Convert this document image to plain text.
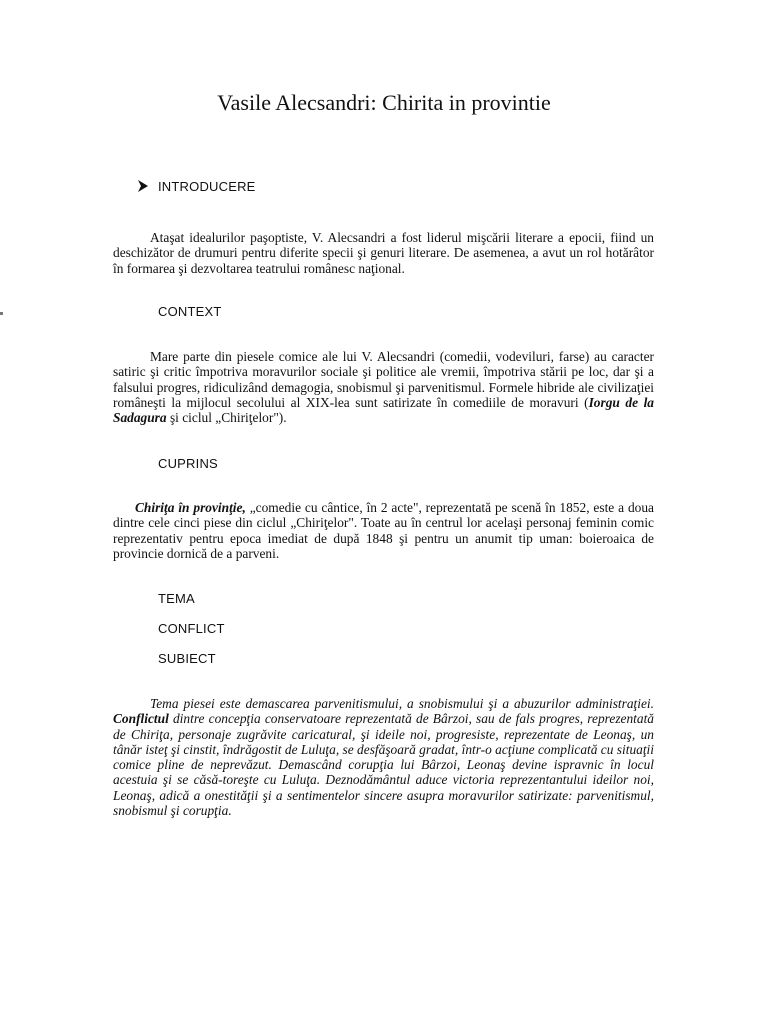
Vasile Alecsandri: Chirita in provintie
INTRODUCERE

Ataşat idealurilor paşoptiste, V. Alecsandri a fost liderul mişcării literare a epocii, fiind un deschizător de drumuri pentru diferite specii şi genuri literare. De asemenea, a avut un rol hotărâtor în formarea şi dezvoltarea teatrului românesc naţional.

CONTEXT

Mare parte din piesele comice ale lui V. Alecsandri (comedii, vodeviluri, farse) au caracter satiric şi critic împotriva moravurilor sociale şi politice ale vremii, împotriva stării pe loc, dar şi a falsului progres, ridiculizând demagogia, snobismul şi parvenitismul. Formele hibride ale civilizaţiei româneşti la mijlocul secolului al XIX-lea sunt satirizate în comediile de moravuri (Iorgu de la Sadagura şi ciclul „Chiriţelor").

CUPRINS

Chiriţa în provinţie, „comedie cu cântice, în 2 acte", reprezentată pe scenă în 1852, este a doua dintre cele cinci piese din ciclul „Chiriţelor". Toate au în centrul lor acelaşi personaj feminin comic reprezentativ pentru epoca imediat de după 1848 şi pentru un anumit tip uman: boieroaica de provincie dornică de a parveni.

TEMA
CONFLICT
SUBIECT

Tema piesei este demascarea parvenitismului, a snobismului şi a abuzurilor administraţiei. Conflictul dintre concepţia conservatoare reprezentată de Bârzoi, sau de fals progres, reprezentată de Chiriţa, personaje zugrăvite caricatural, şi ideile noi, progresiste, reprezentate de Leonaş, un tânăr isteţ şi cinstit, îndrăgostit de Luluţa, se desfăşoară gradat, într-o acţiune complicată cu situaţii comice pline de neprevăzut. Demascând corupţia lui Bârzoi, Leonaş devine ispravnic în locul acestuia şi se căsă-toreşte cu Luluţa. Deznodământul aduce victoria reprezentantului ideilor noi, Leonaş, adică a onestităţii şi a sentimentelor sincere asupra moravurilor satirizate: parvenitismul, snobismul şi corupţia.
